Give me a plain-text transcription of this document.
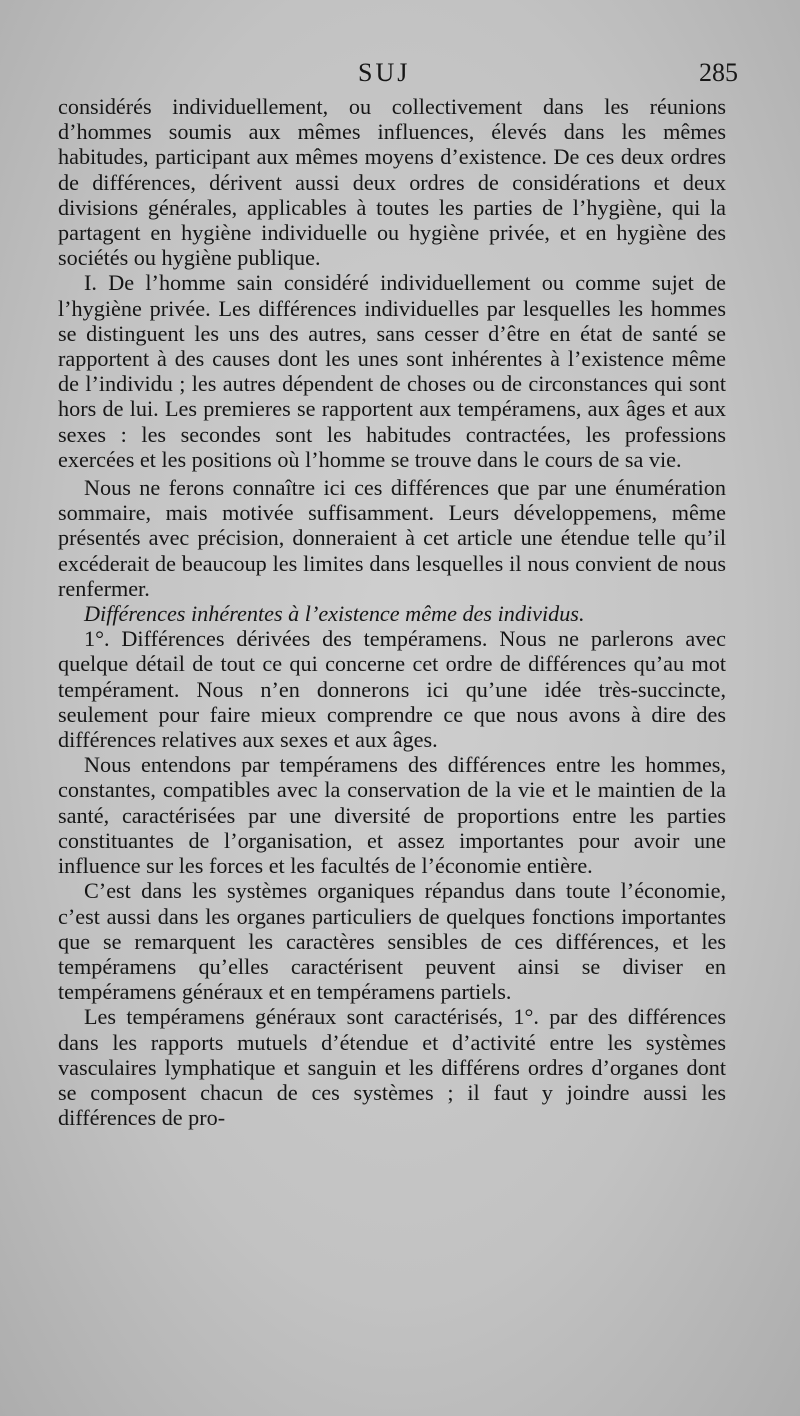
SUJ	285

considérés individuellement, ou collectivement dans les réunions d’hommes soumis aux mêmes influences, élevés dans les mêmes habitudes, participant aux mêmes moyens d’existence. De ces deux ordres de différences, dérivent aussi deux ordres de considérations et deux divisions générales, applicables à toutes les parties de l’hygiène, qui la partagent en hygiène individuelle ou hygiène privée, et en hygiène des sociétés ou hygiène publique.

I. De l’homme sain considéré individuellement ou comme sujet de l’hygiène privée. Les différences individuelles par lesquelles les hommes se distinguent les uns des autres, sans cesser d’être en état de santé se rapportent à des causes dont les unes sont inhérentes à l’existence même de l’individu ; les autres dépendent de choses ou de circonstances qui sont hors de lui. Les premieres se rapportent aux tempéramens, aux âges et aux sexes : les secondes sont les habitudes contractées, les professions exercées et les positions où l’homme se trouve dans le cours de sa vie.

Nous ne ferons connaître ici ces différences que par une énumération sommaire, mais motivée suffisamment. Leurs développemens, même présentés avec précision, donneraient à cet article une étendue telle qu’il excéderait de beaucoup les limites dans lesquelles il nous convient de nous renfermer.

Différences inhérentes à l’existence même des individus.

1°. Différences dérivées des tempéramens. Nous ne parlerons avec quelque détail de tout ce qui concerne cet ordre de différences qu’au mot tempérament. Nous n’en donnerons ici qu’une idée très-succincte, seulement pour faire mieux comprendre ce que nous avons à dire des différences relatives aux sexes et aux âges.

Nous entendons par tempéramens des différences entre les hommes, constantes, compatibles avec la conservation de la vie et le maintien de la santé, caractérisées par une diversité de proportions entre les parties constituantes de l’organisation, et assez importantes pour avoir une influence sur les forces et les facultés de l’économie entière.

C’est dans les systèmes organiques répandus dans toute l’économie, c’est aussi dans les organes particuliers de quelques fonctions importantes que se remarquent les caractères sensibles de ces différences, et les tempéramens qu’elles caractérisent peuvent ainsi se diviser en tempéramens généraux et en tempéramens partiels.

Les tempéramens généraux sont caractérisés, 1°. par des différences dans les rapports mutuels d’étendue et d’activité entre les systèmes vasculaires lymphatique et sanguin et les différens ordres d’organes dont se composent chacun de ces systèmes ; il faut y joindre aussi les différences de pro-
